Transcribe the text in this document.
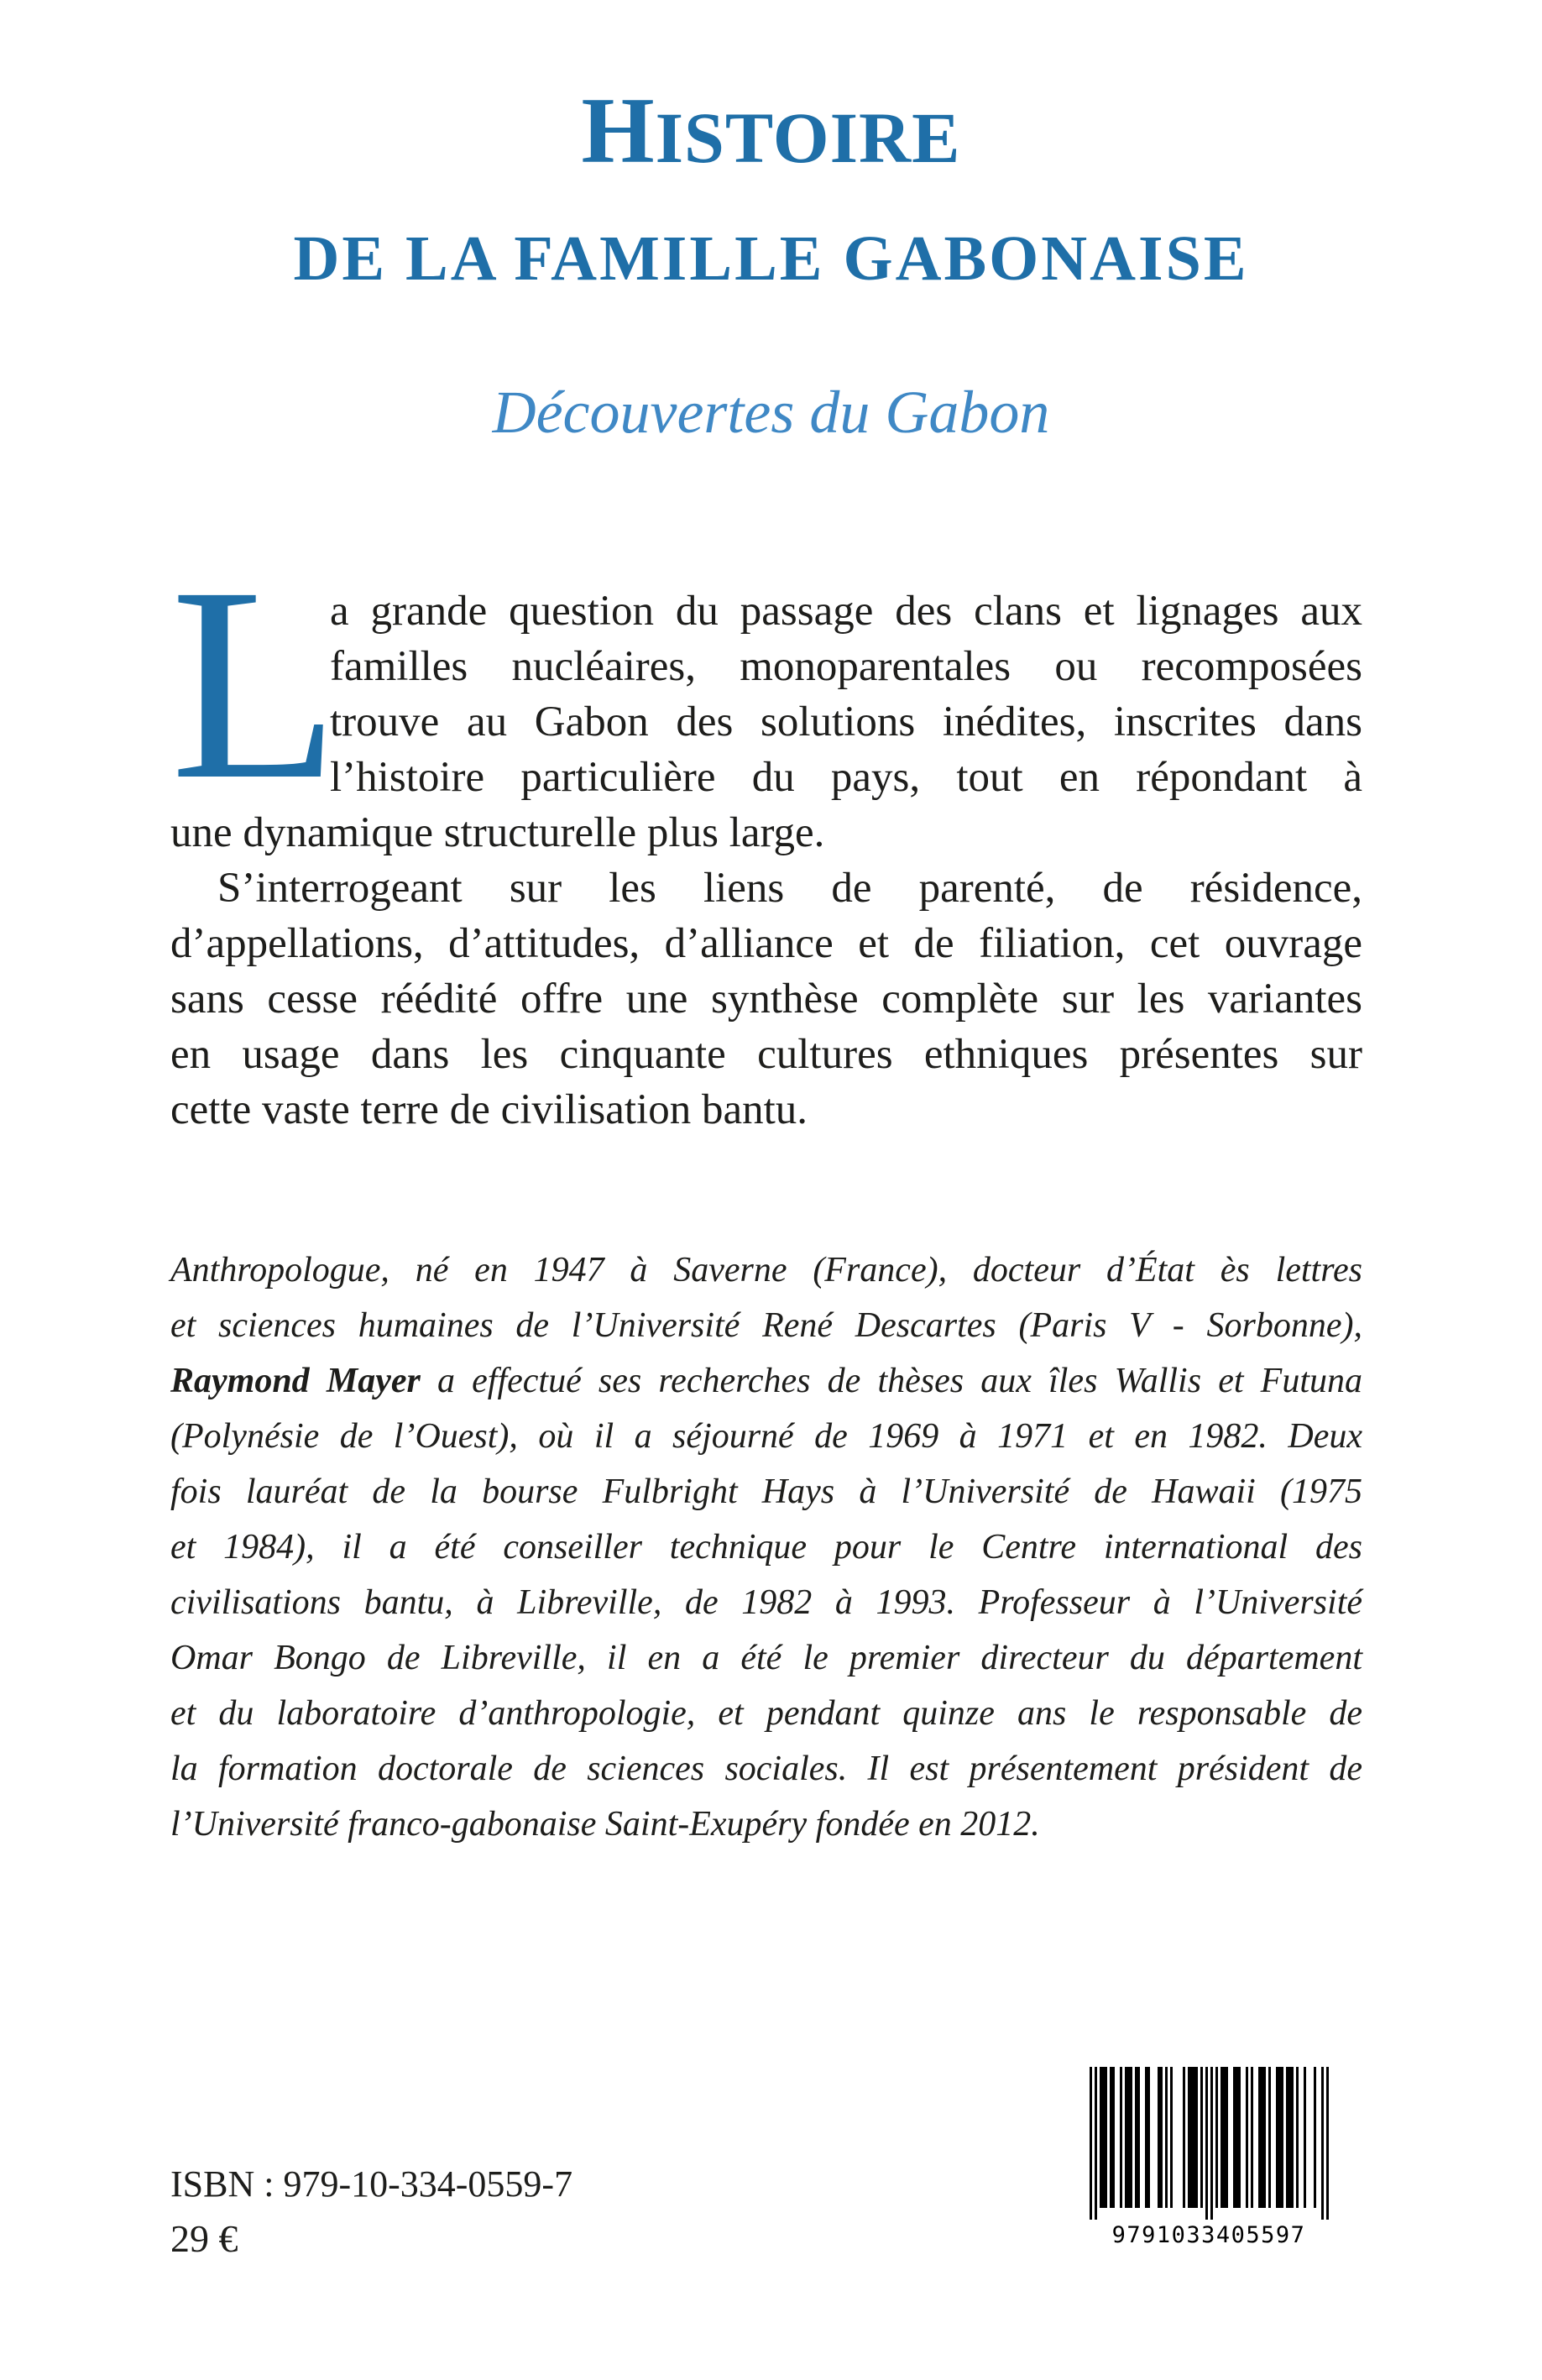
HISTOIRE
DE LA FAMILLE GABONAISE
Découvertes du Gabon
L
a grande question du passage des clans et lignages aux
familles nucléaires, monoparentales ou recomposées
trouve au Gabon des solutions inédites, inscrites dans
l’histoire particulière du pays, tout en répondant à
une dynamique structurelle plus large.
S’interrogeant sur les liens de parenté, de résidence,
d’appellations, d’attitudes, d’alliance et de filiation, cet ouvrage
sans cesse réédité offre une synthèse complète sur les variantes
en usage dans les cinquante cultures ethniques présentes sur
cette vaste terre de civilisation bantu.
Anthropologue, né en 1947 à Saverne (France), docteur d’État ès lettres
et sciences humaines de l’Université René Descartes (Paris V - Sorbonne),
Raymond Mayer a effectué ses recherches de thèses aux îles Wallis et Futuna
(Polynésie de l’Ouest), où il a séjourné de 1969 à 1971 et en 1982. Deux
fois lauréat de la bourse Fulbright Hays à l’Université de Hawaii (1975
et 1984), il a été conseiller technique pour le Centre international des
civilisations bantu, à Libreville, de 1982 à 1993. Professeur à l’Université
Omar Bongo de Libreville, il en a été le premier directeur du département
et du laboratoire d’anthropologie, et pendant quinze ans le responsable de
la formation doctorale de sciences sociales. Il est présentement président de
l’Université franco-gabonaise Saint-Exupéry fondée en 2012.
9791033405597
ISBN : 979-10-334-0559-7
29 €
